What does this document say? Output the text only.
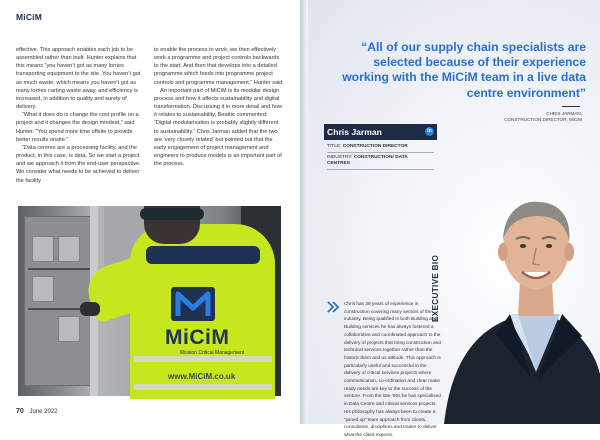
MiCiM

effective. This approach enables each job to be assembled rather than built. Hunter explains that this means “you haven’t got as many lorries transporting equipment to the site. You haven’t got as much waste, which means you haven’t got as many lorries carting waste away, and efficiency is increased, in addition to quality and surety of delivery.

“What it does do is change the cost profile on a project and it changes the design mindset,” said Hunter. “You spend more time offsite to provide better results onsite.”

“Data centres are a processing facility, and the product, in this case, is data. So we start a project and we approach it from the end-user perspective. We consider what needs to be achieved to deliver the facility

to enable the process to work, we then effectively work a programme and project controls backwards to the start. And then that develops into a detailed programme which feeds into programme project controls and programme management,” Hunter said.

An important part of MiCiM is its modular design process and how it affects sustainability and digital transformation. Discussing it in more detail and how it relates to sustainability, Beattie commented: “Digital modularisation is probably slightly different to sustainability.” Chris Jarman added that the two are ‘very closely related’ but pointed out that the early engagement of project management and engineers to produce models is an important part of the process.

MiCiM
Mission Critical Management
www.MiCiM.co.uk
70 June 2022
“All of our supply chain specialists are selected because of their experience working with the MiCiM team in a live data centre environment”
CHRIS JARMAN,
CONSTRUCTION DIRECTOR, MiCiM
Chris Jarman	in
TITLE: CONSTRUCTION DIRECTOR
INDUSTRY: CONSTRUCTION/ DATA CENTRES
Chris has 38 years of experience in construction covering many sectors of the industry. Being qualified in both Building and Building services he has always fostered a collaborative and coordinated approach to the delivery of projects that bring construction and technical services together rather than the historic them and us attitude. This approach is particularly useful and successful in the delivery of critical services projects where communication, co-ordination and clear make ready needs are key to the success of the venture. From the late ’90s he has specialised in Data Centre and critical services projects. His philosophy has always been to create a “joined up” team approach from clients, consultants, disciplines and trades to deliver what the client expects.
EXECUTIVE BIO
